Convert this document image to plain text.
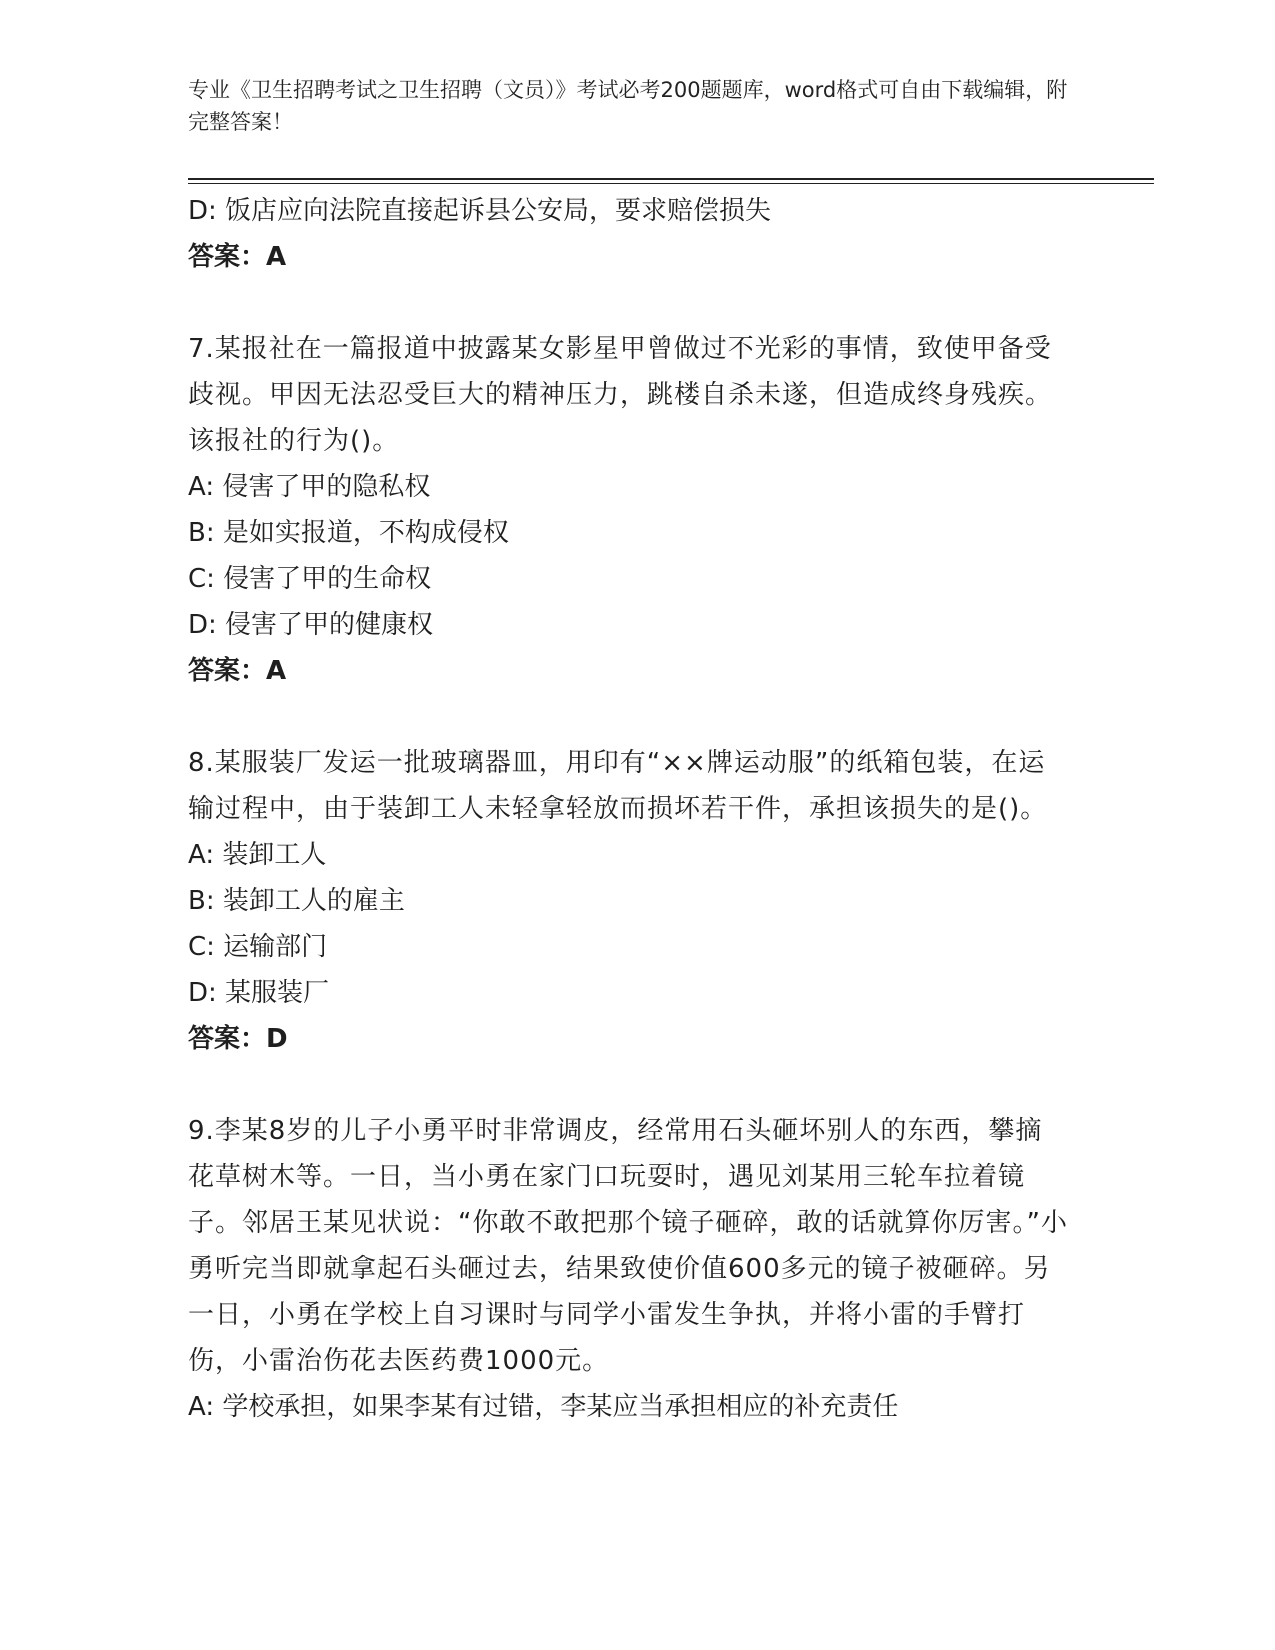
专业《卫生招聘考试之卫生招聘（文员）》考试必考200题题库，word格式可自由下载编辑，附完整答案！
D: 饭店应向法院直接起诉县公安局，要求赔偿损失
答案：A
7.某报社在一篇报道中披露某女影星甲曾做过不光彩的事情，致使甲备受歧视。甲因无法忍受巨大的精神压力，跳楼自杀未遂，但造成终身残疾。该报社的行为()。
A: 侵害了甲的隐私权
B: 是如实报道，不构成侵权
C: 侵害了甲的生命权
D: 侵害了甲的健康权
答案：A
8.某服装厂发运一批玻璃器皿，用印有“××牌运动服”的纸箱包装，在运输过程中，由于装卸工人未轻拿轻放而损坏若干件，承担该损失的是()。
A: 装卸工人
B: 装卸工人的雇主
C: 运输部门
D: 某服装厂
答案：D
9.李某8岁的儿子小勇平时非常调皮，经常用石头砸坏别人的东西，攀摘花草树木等。一日，当小勇在家门口玩耍时，遇见刘某用三轮车拉着镜子。邻居王某见状说：“你敢不敢把那个镜子砸碎，敢的话就算你厉害。”小勇听完当即就拿起石头砸过去，结果致使价值600多元的镜子被砸碎。另一日，小勇在学校上自习课时与同学小雷发生争执，并将小雷的手臂打伤，小雷治伤花去医药费1000元。
A: 学校承担，如果李某有过错，李某应当承担相应的补充责任
